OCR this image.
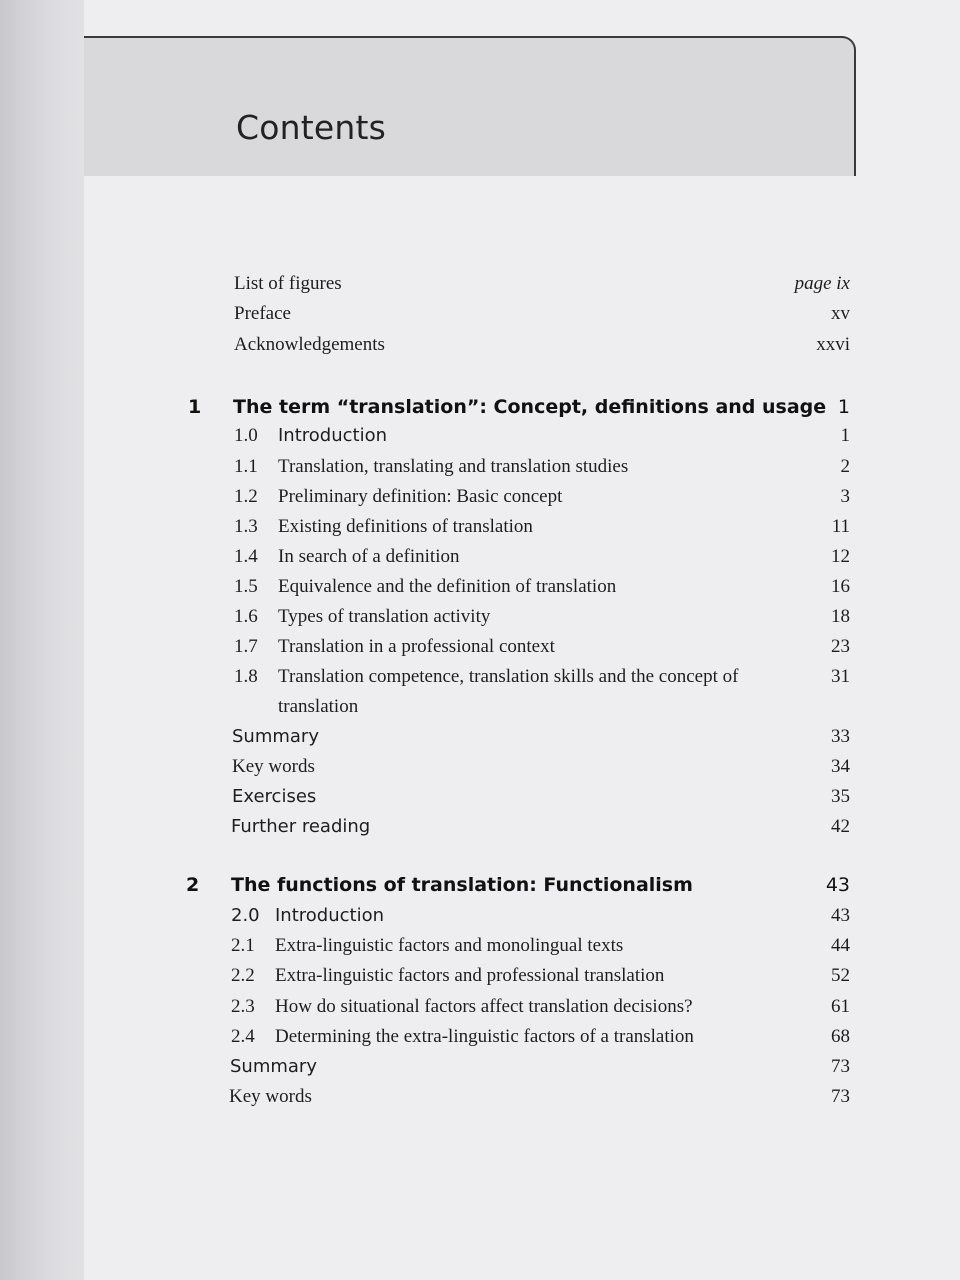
Contents
List of figures	page ix
Preface	xv
Acknowledgements	xxvi
1 The term “translation”: Concept, definitions and usage 1
1.0 Introduction	1
1.1 Translation, translating and translation studies	2
1.2 Preliminary definition: Basic concept	3
1.3 Existing definitions of translation	11
1.4 In search of a definition	12
1.5 Equivalence and the definition of translation	16
1.6 Types of translation activity	18
1.7 Translation in a professional context	23
1.8 Translation competence, translation skills and the concept of	31
translation
Summary	33
Key words	34
Exercises	35
Further reading	42
2 The functions of translation: Functionalism	43
2.0 Introduction	43
2.1 Extra-linguistic factors and monolingual texts	44
2.2 Extra-linguistic factors and professional translation	52
2.3 How do situational factors affect translation decisions?	61
2.4 Determining the extra-linguistic factors of a translation	68
Summary	73
Key words	73
